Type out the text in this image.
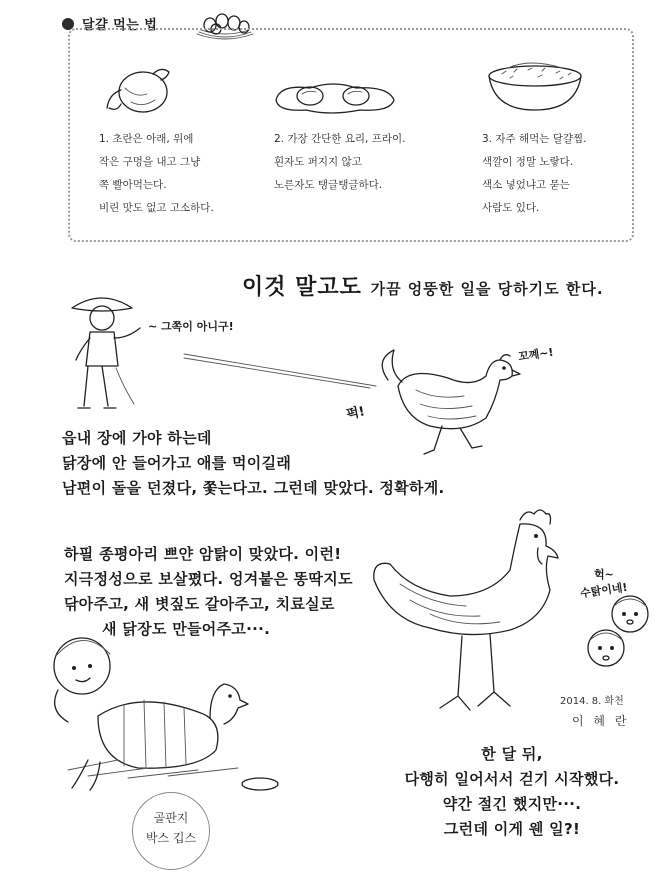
달걀 먹는 법
1. 초란은 아래, 위에
작은 구멍을 내고 그냥
쪽 빨아먹는다.
비린 맛도 없고 고소하다.
2. 가장 간단한 요리, 프라이.
흰자도 퍼지지 않고
노른자도 탱글탱글하다.
3. 자주 해먹는 달걀찜.
색깔이 정말 노랗다.
색소 넣었냐고 묻는
사람도 있다.
이것 말고도 가끔 엉뚱한 일을 당하기도 한다.
~ 그쪽이 아니구!
꼬꼐~!
퍽!
읍내 장에 가야 하는데
닭장에 안 들어가고 애를 먹이길래
남편이 돌을 던졌다, 쫓는다고. 그런데 맞았다. 정확하게.
하필 종평아리 쁘얀 암탉이 맞았다. 이런!
지극정성으로 보살폈다. 엉겨붙은 똥딱지도
닦아주고, 새 볏짚도 갈아주고, 치료실로
새 닭장도 만들어주고···.
헉~
수탉이네!
2014. 8. 화천
이 혜 란
골판지
박스 깁스
한 달 뒤,
다행히 일어서서 걷기 시작했다.
약간 절긴 했지만···.
그런데 이게 웬 일?!
